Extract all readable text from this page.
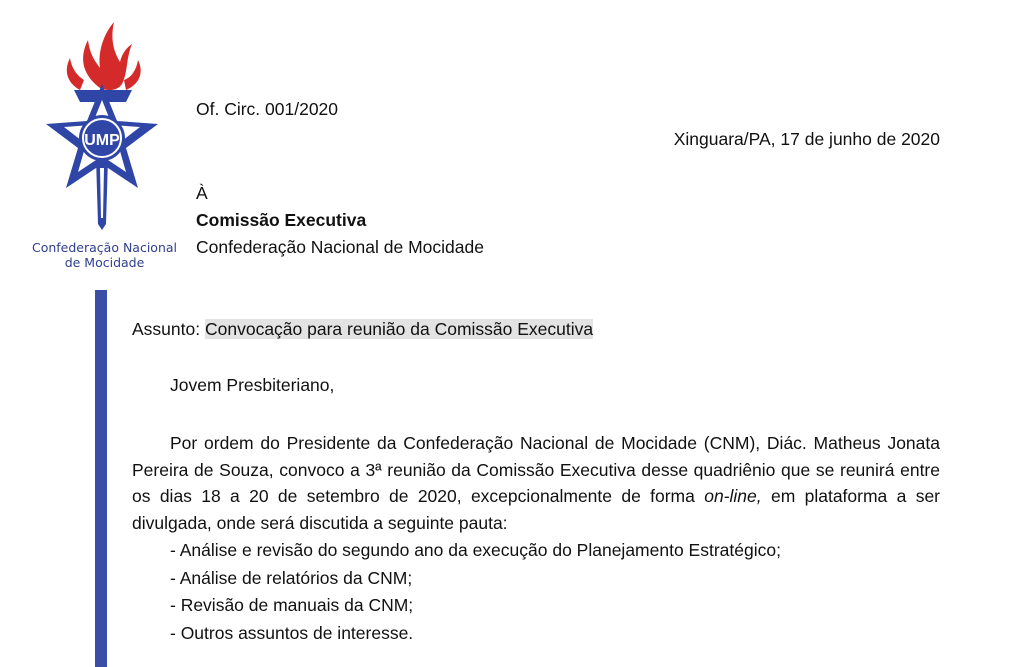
UMP
Confederação Nacional
de Mocidade
Of. Circ. 001/2020
Xinguara/PA, 17 de junho de 2020
À
Comissão Executiva
Confederação Nacional de Mocidade
Assunto: Convocação para reunião da Comissão Executiva
Jovem Presbiteriano,
Por ordem do Presidente da Confederação Nacional de Mocidade (CNM), Diác. Matheus Jonata Pereira de Souza, convoco a 3ª reunião da Comissão Executiva desse quadriênio que se reunirá entre os dias 18 a 20 de setembro de 2020, excepcionalmente de forma on-line, em plataforma a ser divulgada, onde será discutida a seguinte pauta:
- Análise e revisão do segundo ano da execução do Planejamento Estratégico;
- Análise de relatórios da CNM;
- Revisão de manuais da CNM;
- Outros assuntos de interesse.
